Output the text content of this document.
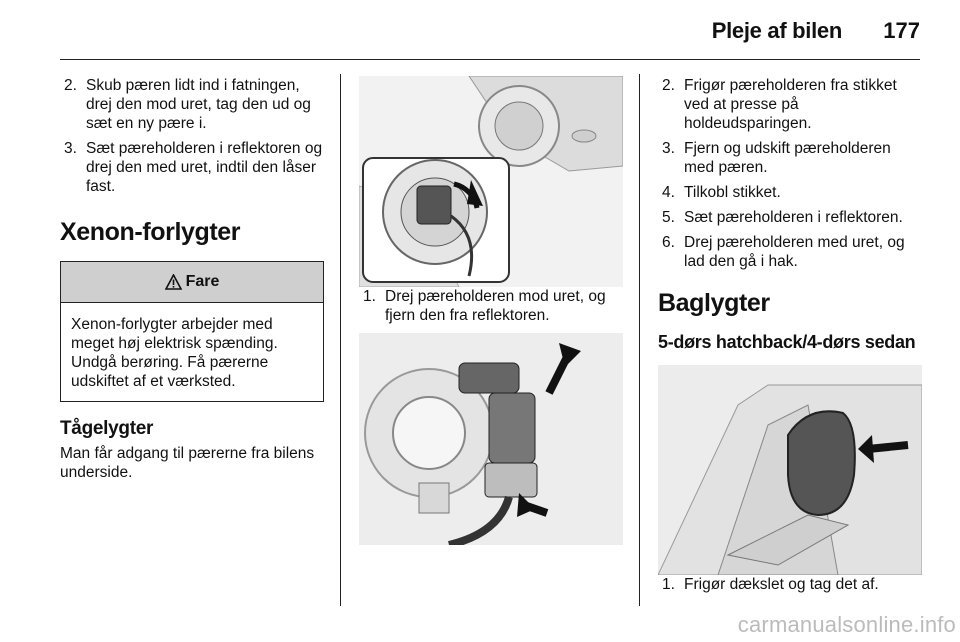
Pleje af bilen 177
2. Skub pæren lidt ind i fatningen, drej den mod uret, tag den ud og sæt en ny pære i.
3. Sæt pæreholderen i reflektoren og drej den med uret, indtil den låser fast.
Xenon-forlygter
Fare
Xenon-forlygter arbejder med meget høj elektrisk spænding. Undgå berøring. Få pærerne udskiftet af et værksted.
Tågelygter

Man får adgang til pærerne fra bilens underside.

1. Drej pæreholderen mod uret, og fjern den fra reflektoren.
2. Frigør pæreholderen fra stikket ved at presse på holdeudsparingen.
3. Fjern og udskift pæreholderen med pæren.
4. Tilkobl stikket.
5. Sæt pæreholderen i reflektoren.
6. Drej pæreholderen med uret, og lad den gå i hak.
Baglygter
5-dørs hatchback/4-dørs sedan
1. Frigør dækslet og tag det af.
carmanualsonline.info
